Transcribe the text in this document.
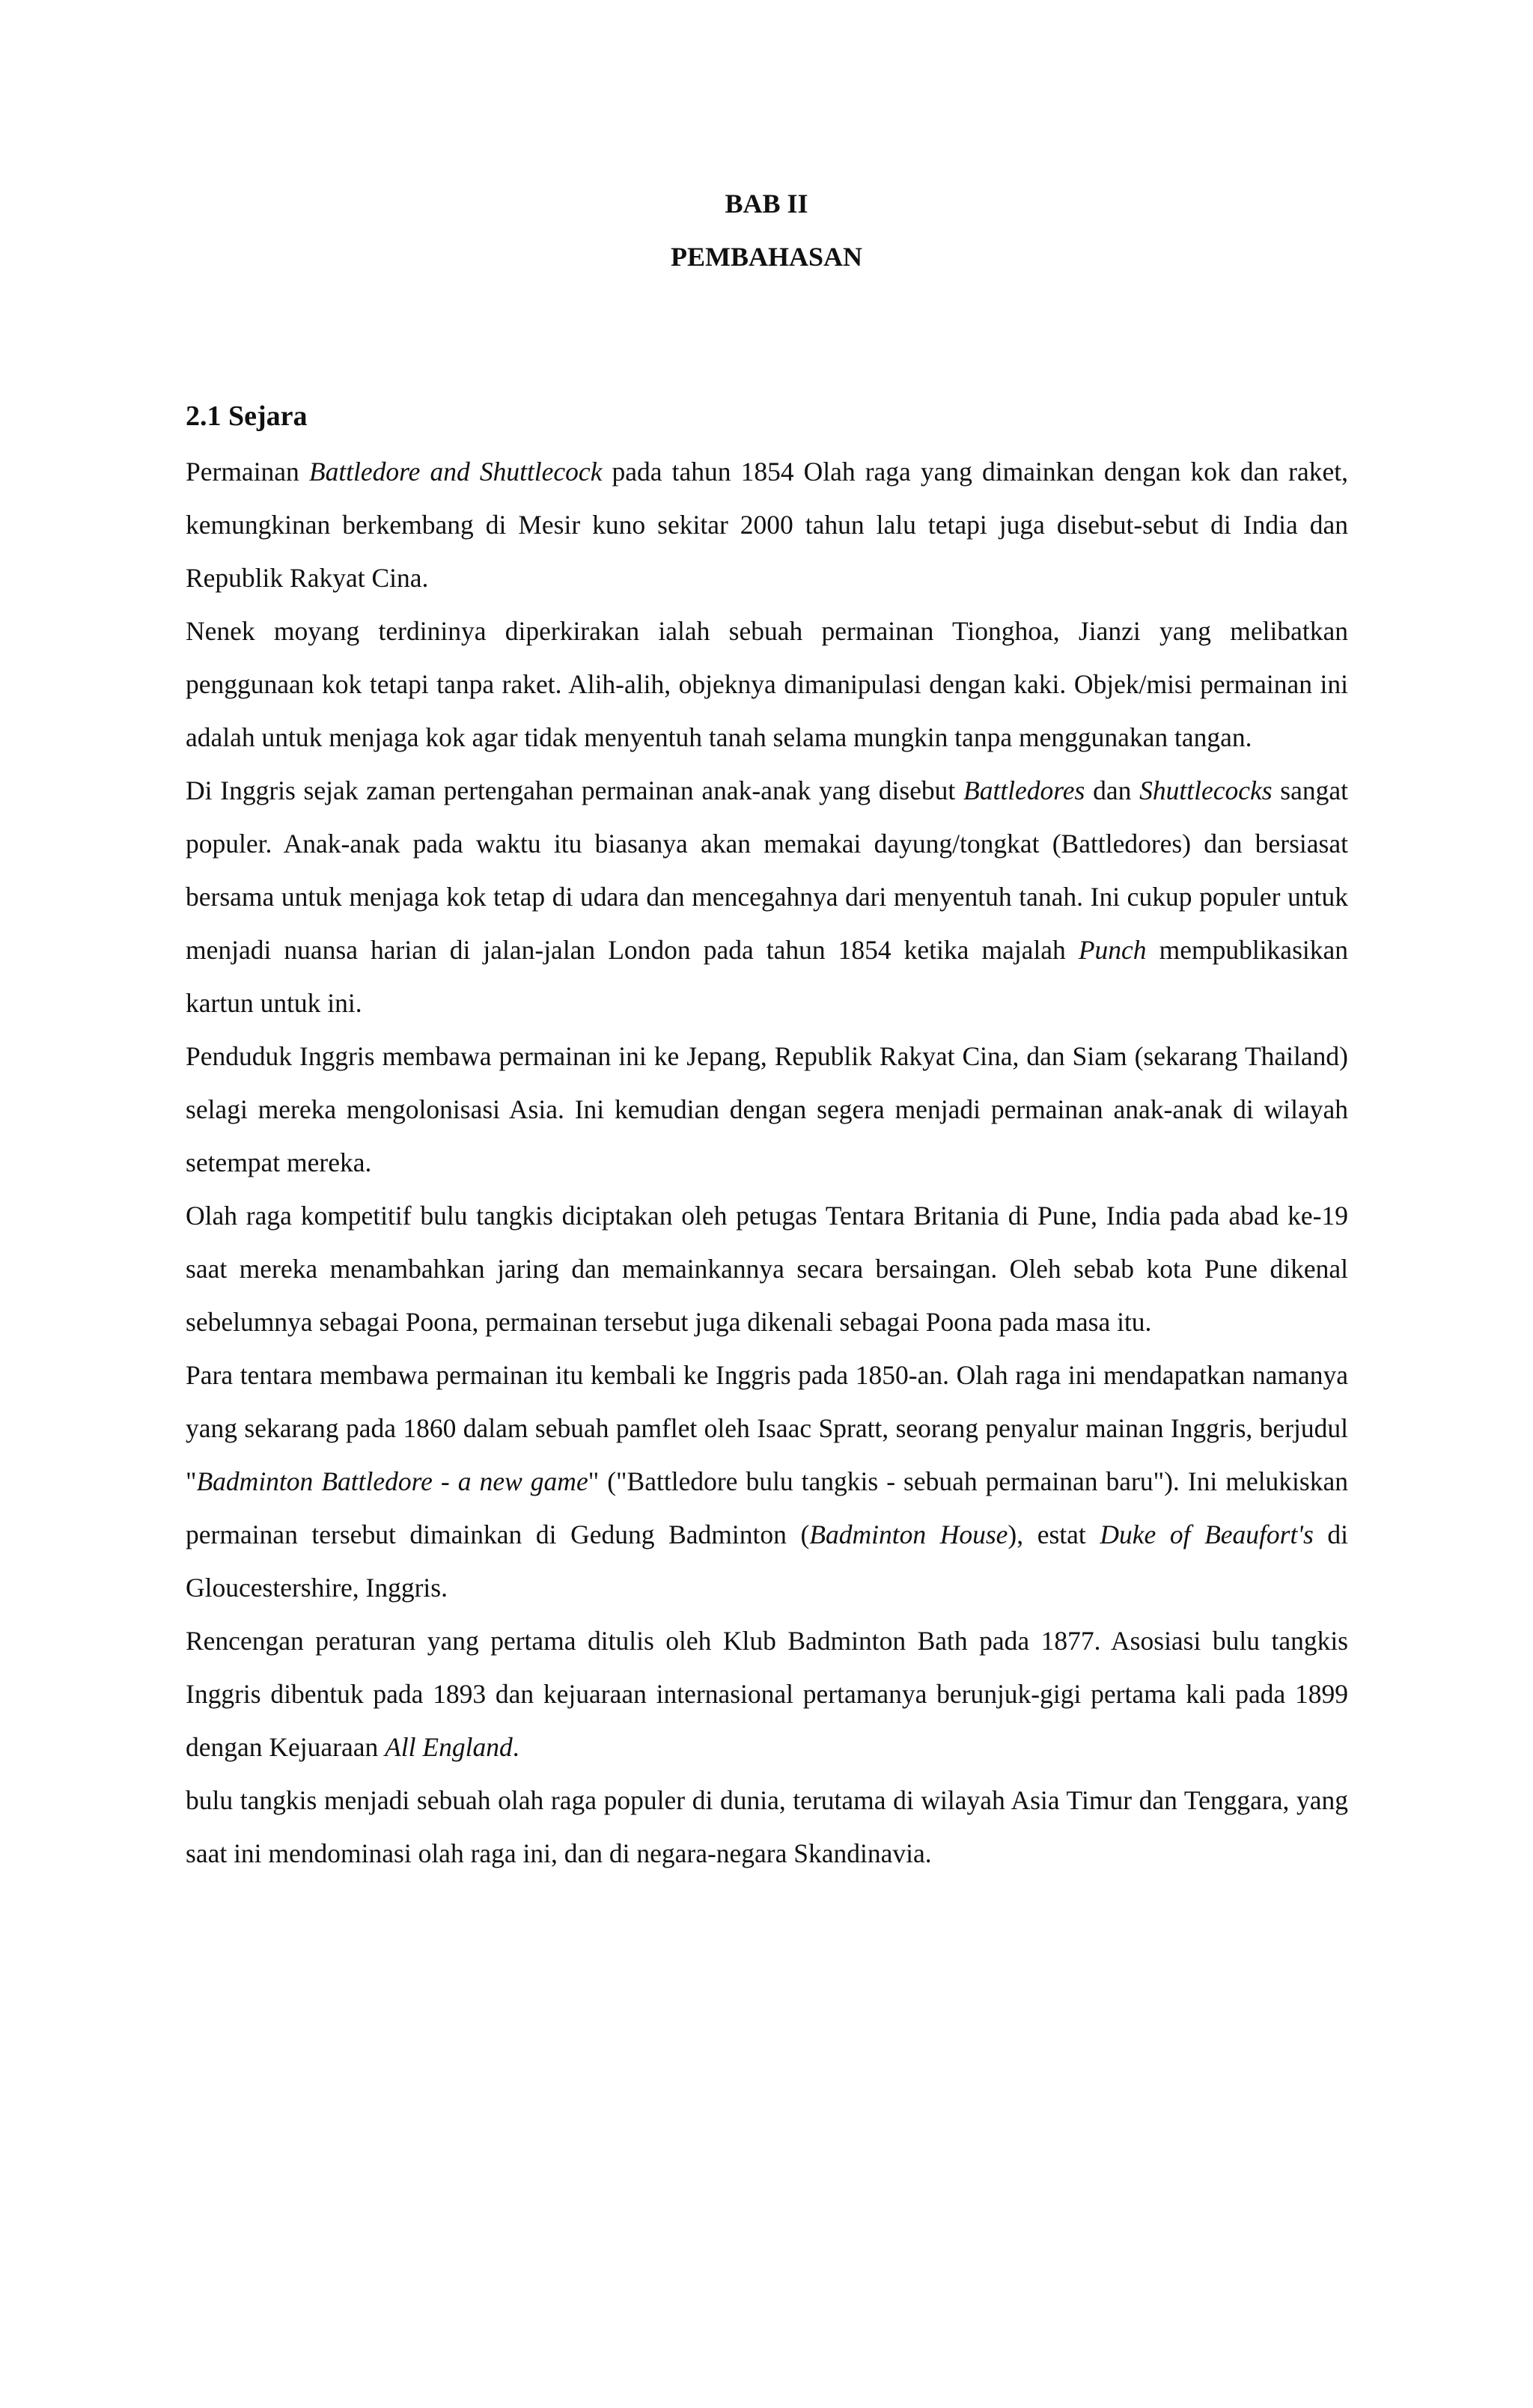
BAB II
PEMBAHASAN
2.1 Sejara

Permainan Battledore and Shuttlecock pada tahun 1854 Olah raga yang dimainkan dengan kok dan raket, kemungkinan berkembang di Mesir kuno sekitar 2000 tahun lalu tetapi juga disebut-sebut di India dan Republik Rakyat Cina.

Nenek moyang terdininya diperkirakan ialah sebuah permainan Tionghoa, Jianzi yang melibatkan penggunaan kok tetapi tanpa raket. Alih-alih, objeknya dimanipulasi dengan kaki. Objek/misi permainan ini adalah untuk menjaga kok agar tidak menyentuh tanah selama mungkin tanpa menggunakan tangan.

Di Inggris sejak zaman pertengahan permainan anak-anak yang disebut Battledores dan Shuttlecocks sangat populer. Anak-anak pada waktu itu biasanya akan memakai dayung/tongkat (Battledores) dan bersiasat bersama untuk menjaga kok tetap di udara dan mencegahnya dari menyentuh tanah. Ini cukup populer untuk menjadi nuansa harian di jalan-jalan London pada tahun 1854 ketika majalah Punch mempublikasikan kartun untuk ini.

Penduduk Inggris membawa permainan ini ke Jepang, Republik Rakyat Cina, dan Siam (sekarang Thailand) selagi mereka mengolonisasi Asia. Ini kemudian dengan segera menjadi permainan anak-anak di wilayah setempat mereka.

Olah raga kompetitif bulu tangkis diciptakan oleh petugas Tentara Britania di Pune, India pada abad ke-19 saat mereka menambahkan jaring dan memainkannya secara bersaingan. Oleh sebab kota Pune dikenal sebelumnya sebagai Poona, permainan tersebut juga dikenali sebagai Poona pada masa itu.

Para tentara membawa permainan itu kembali ke Inggris pada 1850-an. Olah raga ini mendapatkan namanya yang sekarang pada 1860 dalam sebuah pamflet oleh Isaac Spratt, seorang penyalur mainan Inggris, berjudul "Badminton Battledore - a new game" ("Battledore bulu tangkis - sebuah permainan baru"). Ini melukiskan permainan tersebut dimainkan di Gedung Badminton (Badminton House), estat Duke of Beaufort's di Gloucestershire, Inggris.

Rencengan peraturan yang pertama ditulis oleh Klub Badminton Bath pada 1877. Asosiasi bulu tangkis Inggris dibentuk pada 1893 dan kejuaraan internasional pertamanya berunjuk-gigi pertama kali pada 1899 dengan Kejuaraan All England.

bulu tangkis menjadi sebuah olah raga populer di dunia, terutama di wilayah Asia Timur dan Tenggara, yang saat ini mendominasi olah raga ini, dan di negara-negara Skandinavia.
